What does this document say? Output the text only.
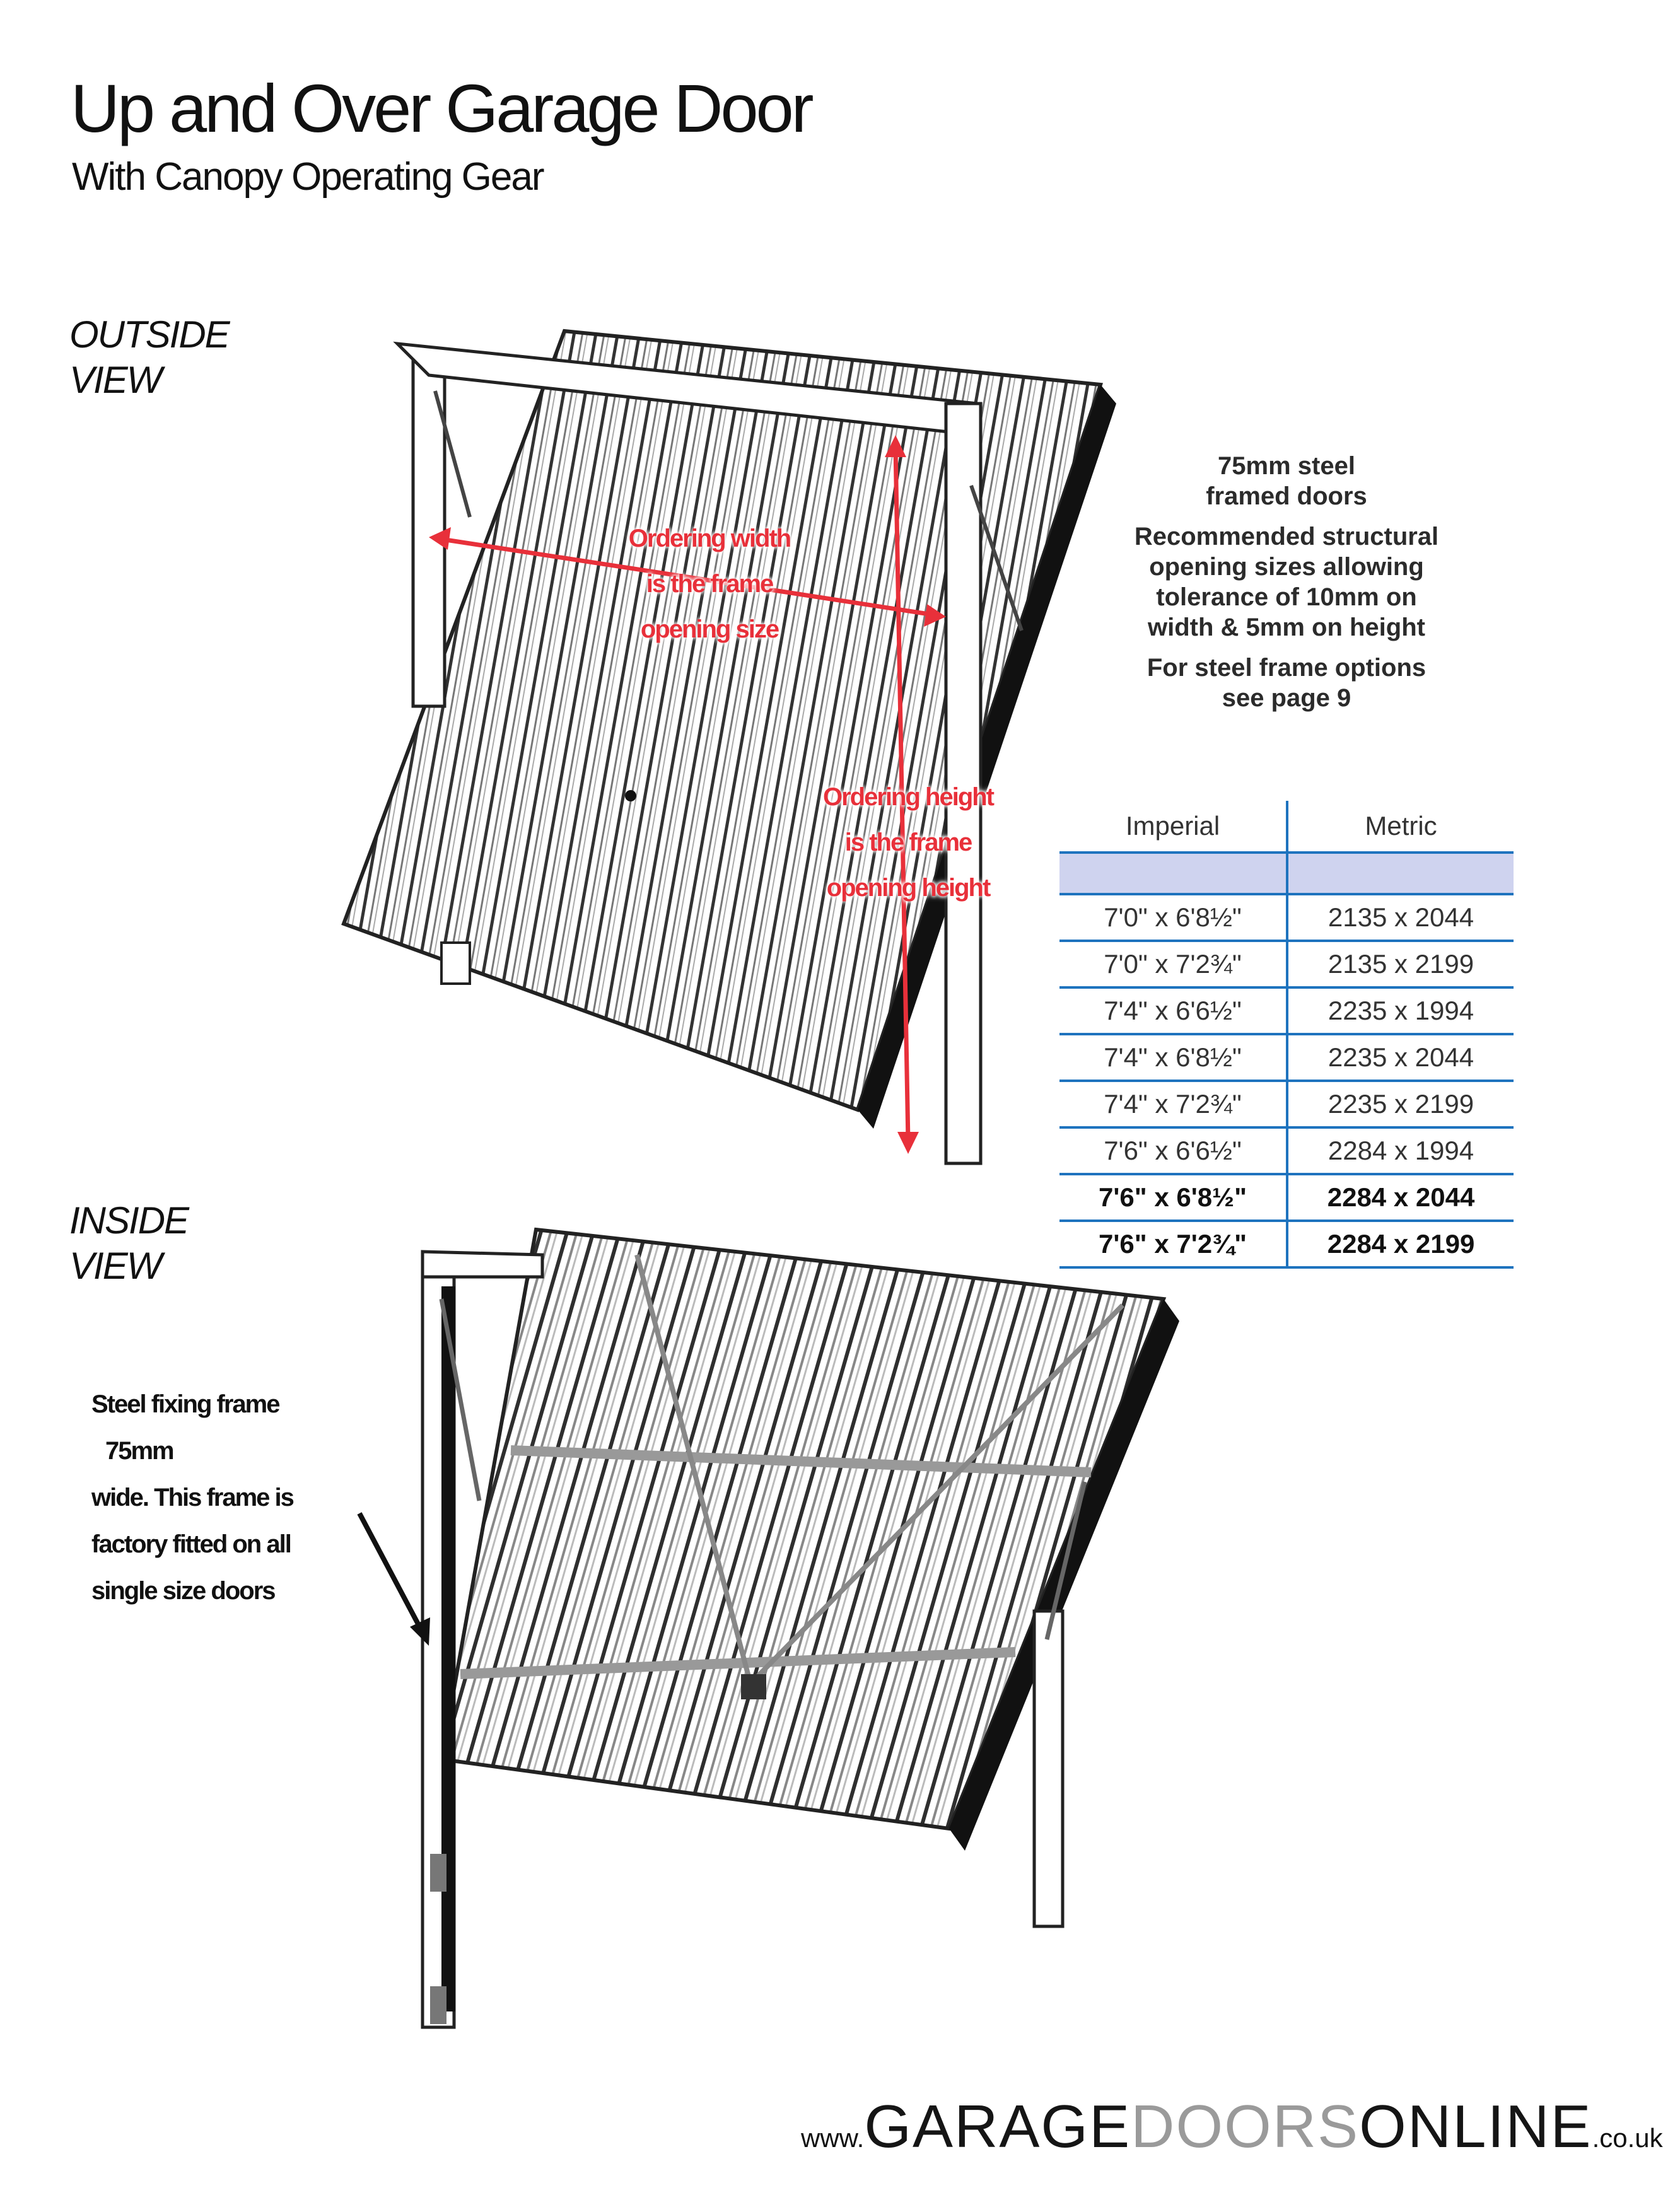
Up and Over Garage Door
With Canopy Operating Gear
OUTSIDE
VIEW
INSIDE
VIEW
Ordering width
is the frame
opening size
Ordering height
is the frame
opening height

75mm steel
framed doors

Recommended structural
opening sizes allowing
tolerance of 10mm on
width & 5mm on height

For steel frame options
see page 9

Imperial	Metric

7'0" x 6'8½"	2135 x 2044
7'0" x 7'2¾"	2135 x 2199
7'4" x 6'6½"	2235 x 1994
7'4" x 6'8½"	2235 x 2044
7'4" x 7'2¾"	2235 x 2199
7'6" x 6'6½"	2284 x 1994
7'6" x 6'8½"	2284 x 2044
7'6" x 7'2¾"	2284 x 2199
Steel fixing frame
75mm
wide. This frame is
factory fitted on all
single size doors
www.GARAGEDOORSONLINE.co.uk
